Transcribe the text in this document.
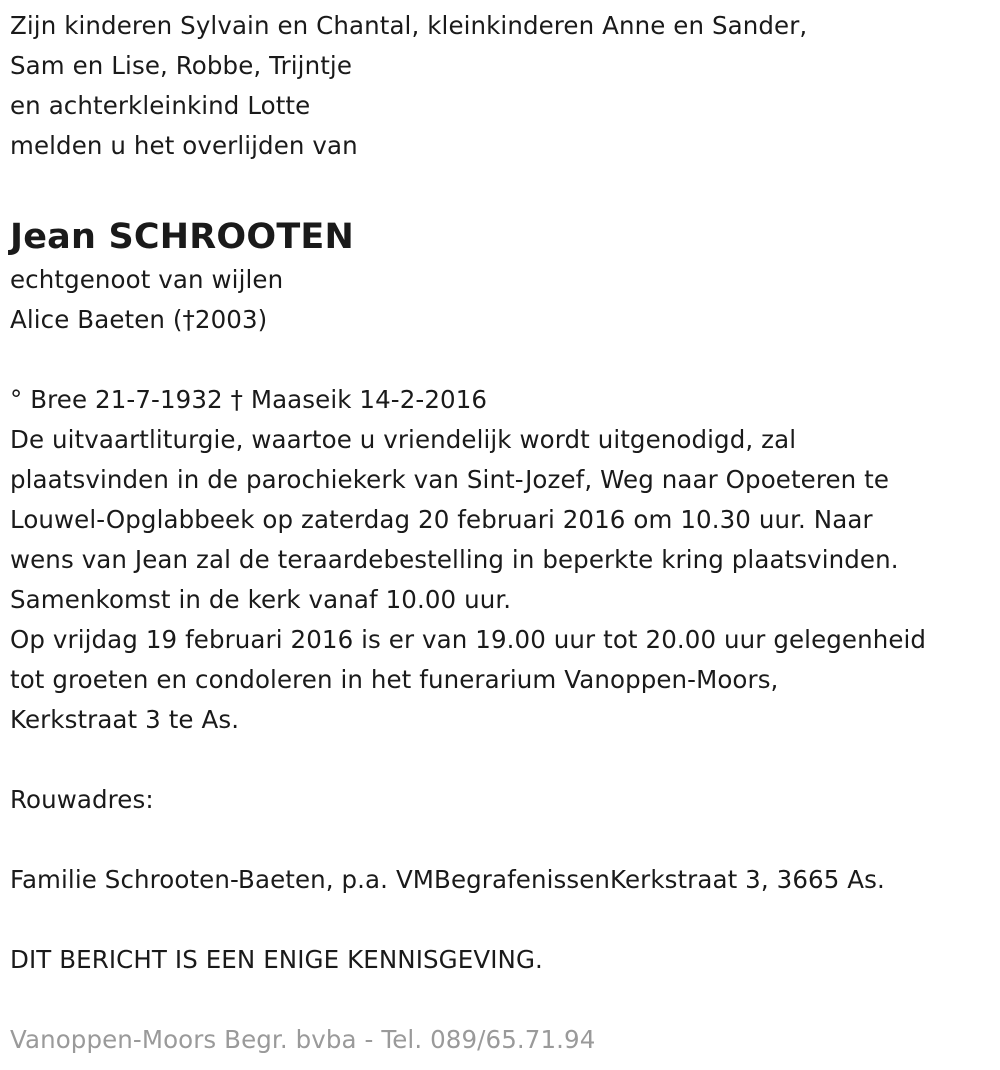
Zijn kinderen Sylvain en Chantal, kleinkinderen Anne en Sander,
Sam en Lise, Robbe, Trijntje
en achterkleinkind Lotte
melden u het overlijden van
Jean SCHROOTEN
echtgenoot van wijlen
Alice Baeten (†2003)
° Bree 21-7-1932 † Maaseik 14-2-2016
De uitvaartliturgie, waartoe u vriendelijk wordt uitgenodigd, zal
plaatsvinden in de parochiekerk van Sint-Jozef, Weg naar Opoeteren te
Louwel-Opglabbeek op zaterdag 20 februari 2016 om 10.30 uur. Naar
wens van Jean zal de teraardebestelling in beperkte kring plaatsvinden.
Samenkomst in de kerk vanaf 10.00 uur.
Op vrijdag 19 februari 2016 is er van 19.00 uur tot 20.00 uur gelegenheid
tot groeten en condoleren in het funerarium Vanoppen-Moors,
Kerkstraat 3 te As.
Rouwadres:
Familie Schrooten-Baeten, p.a. VMBegrafenissenKerkstraat 3, 3665 As.
DIT BERICHT IS EEN ENIGE KENNISGEVING.
Vanoppen-Moors Begr. bvba - Tel. 089/65.71.94
